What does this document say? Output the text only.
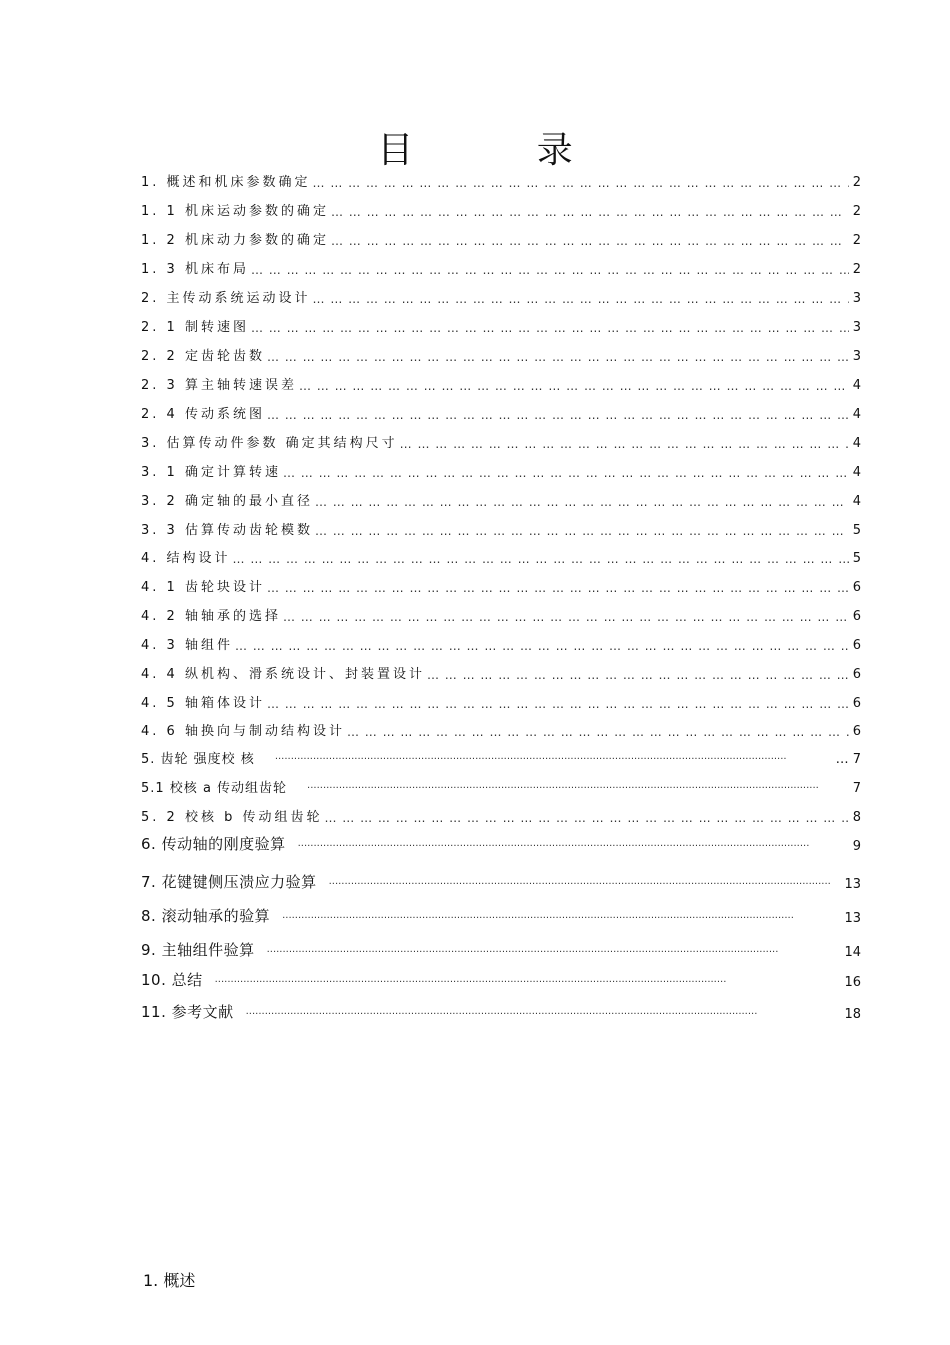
目 录
1. 概述和机床参数确定 … … … … … … … … … … … … … … … … … … … … … … … … … … … … … … … … … … … … … … … … … … … … … … … … … … … … … … … … … … … … … … …	2
1. 1 机床运动参数的确定 … … … … … … … … … … … … … … … … … … … … … … … … … … … … … … … … … … … … … … … … … … … … … … … … … … … … … … … … … … … … … … …	2
1. 2 机床动力参数的确定 … … … … … … … … … … … … … … … … … … … … … … … … … … … … … … … … … … … … … … … … … … … … … … … … … … … … … … … … … … … … … … …	2
1. 3 机床布局 … … … … … … … … … … … … … … … … … … … … … … … … … … … … … … … … … … … … … … … … … … … … … … … … … … … … … … … … … … … … … … …	2
2. 主传动系统运动设计 … … … … … … … … … … … … … … … … … … … … … … … … … … … … … … … … … … … … … … … … … … … … … … … … … … … … … … … … … … … … … … …	3
2. 1 制转速图 … … … … … … … … … … … … … … … … … … … … … … … … … … … … … … … … … … … … … … … … … … … … … … … … … … … … … … … … … … … … … … …	3
2. 2 定齿轮齿数 … … … … … … … … … … … … … … … … … … … … … … … … … … … … … … … … … … … … … … … … … … … … … … … … … … … … … … … … … … … … … … …	3
2. 3 算主轴转速误差 … … … … … … … … … … … … … … … … … … … … … … … … … … … … … … … … … … … … … … … … … … … … … … … … … … … … … … … … … … … … … … …	4
2. 4 传动系统图 … … … … … … … … … … … … … … … … … … … … … … … … … … … … … … … … … … … … … … … … … … … … … … … … … … … … … … … … … … … … … … …	4
3. 估算传动件参数 确定其结构尺寸 … … … … … … … … … … … … … … … … … … … … … … … … … … … … … … … … … … … … … … … … … … … … … … … … … … … … … … … … … … … … … … …	4
3. 1 确定计算转速 … … … … … … … … … … … … … … … … … … … … … … … … … … … … … … … … … … … … … … … … … … … … … … … … … … … … … … … … … … … … … … …	4
3. 2 确定轴的最小直径 … … … … … … … … … … … … … … … … … … … … … … … … … … … … … … … … … … … … … … … … … … … … … … … … … … … … … … … … … … … … … … …	4
3. 3 估算传动齿轮模数 … … … … … … … … … … … … … … … … … … … … … … … … … … … … … … … … … … … … … … … … … … … … … … … … … … … … … … … … … … … … … … …	5
4. 结构设计 … … … … … … … … … … … … … … … … … … … … … … … … … … … … … … … … … … … … … … … … … … … … … … … … … … … … … … … … … … … … … … …	5
4. 1 齿轮块设计 … … … … … … … … … … … … … … … … … … … … … … … … … … … … … … … … … … … … … … … … … … … … … … … … … … … … … … … … … … … … … … …	6
4. 2 轴轴承的选择 … … … … … … … … … … … … … … … … … … … … … … … … … … … … … … … … … … … … … … … … … … … … … … … … … … … … … … … … … … … … … … …	6
4. 3 轴组件 … … … … … … … … … … … … … … … … … … … … … … … … … … … … … … … … … … … … … … … … … … … … … … … … … … … … … … … … … … … … … … …	6
4. 4 纵机构、滑系统设计、封装置设计 … … … … … … … … … … … … … … … … … … … … … … … … … … … … … … … … … … … … … … … … … … … … … … … … … … … … … … … … … … … … … … …	6
4. 5 轴箱体设计 … … … … … … … … … … … … … … … … … … … … … … … … … … … … … … … … … … … … … … … … … … … … … … … … … … … … … … … … … … … … … … …	6
4. 6 轴换向与制动结构设计 … … … … … … … … … … … … … … … … … … … … … … … … … … … … … … … … … … … … … … … … … … … … … … … … … … … … … … … … … … … … … … …	6
5. 齿轮 强度校 核 ·····	… 7
5.1 校核 a 传动组齿轮 ·····	7
5. 2 校核 b 传动组齿轮 … … … … … … … … … … … … … … … … … … … … … … … … … … … … … … … … … … … … … … … … … … … … … … … … … … … … … … … … … … … … … … …	8
6. 传动轴的刚度验算 ·····	9
7. 花键键侧压溃应力验算 ·····	13
8. 滚动轴承的验算 ·····	13
9. 主轴组件验算 ·····	14
10. 总结 ·····	16
11. 参考文献 ·····	18
1. 概述
